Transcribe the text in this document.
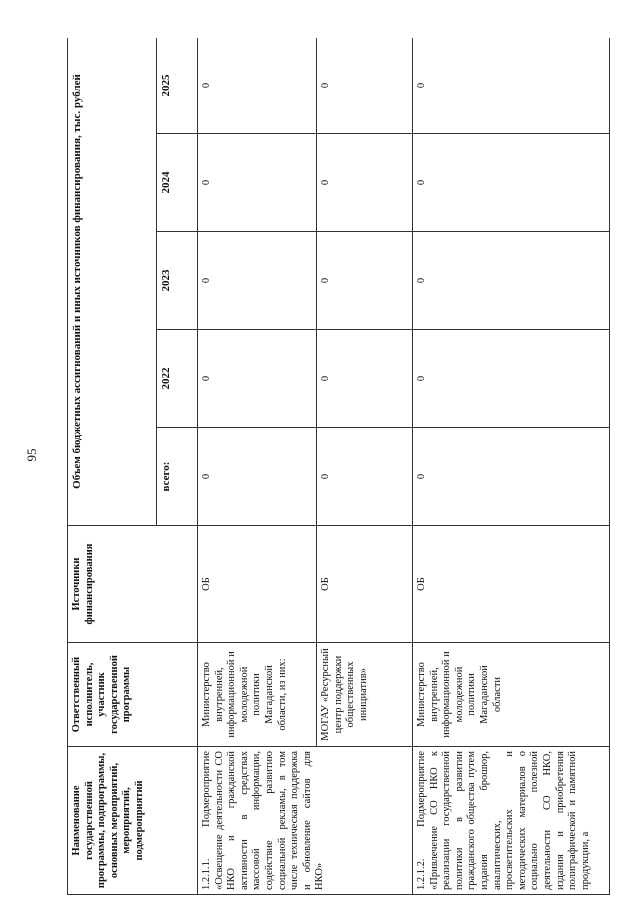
95
Наименование государственной программы, подпрограммы, основных мероприятий, мероприятий, подмероприятий	Ответственный исполнитель, участник государственной программы	Источники финансирования	Объем бюджетных ассигнований и иных источников финансирования, тыс. рублей				
			всего:	2022	2023	2024	2025
1.2.1.1. Подмероприятие «Освещение деятельности СО НКО и гражданской активности в средствах массовой информации, содействие развитию социальной рекламы, в том числе техническая поддержка и обновление сайтов для НКО»	Министерство внутренней, информационной и молодежной политики Магаданской области, из них:	ОБ	0	0	0	0	0
	МОГАУ «Ресурсный центр поддержки общественных инициатив»	ОБ	0	0	0	0	0
1.2.1.2. Подмероприятие «Привлечение СО НКО к реализации государственной политики в развитии гражданского общества путем издания брошюр, аналитических, просветительских и методических материалов о социально полезной деятельности СО НКО, издания и приобретения полиграфической и памятной продукции, а	Министерство внутренней, информационной и молодежной политики Магаданской области	ОБ	0	0	0	0	0
